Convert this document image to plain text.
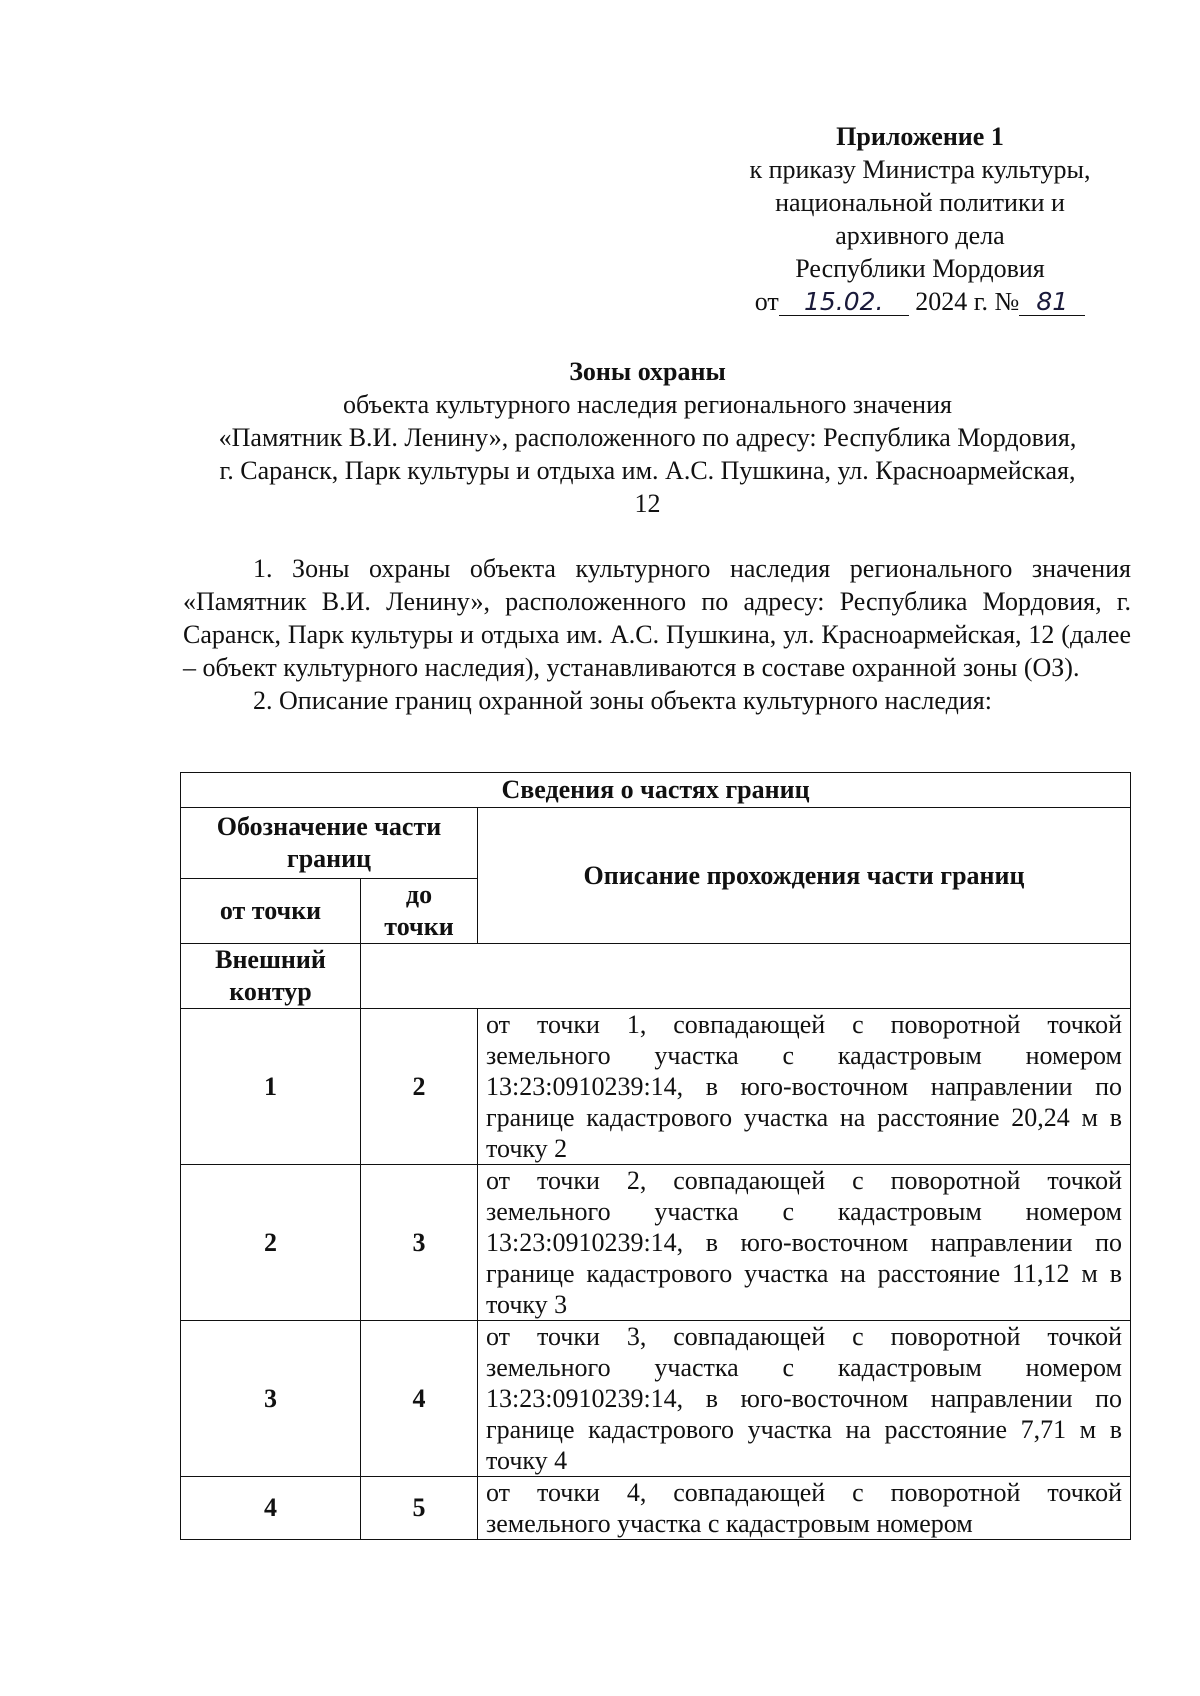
Приложение 1
к приказу Министра культуры,
национальной политики и
архивного дела
Республики Мордовия
от 15.02. 2024 г. № 81
Зоны охраны
объекта культурного наследия регионального значения
«Памятник В.И. Ленину», расположенного по адресу: Республика Мордовия,
г. Саранск, Парк культуры и отдыха им. А.С. Пушкина, ул. Красноармейская,
12

1. Зоны охраны объекта культурного наследия регионального значения «Памятник В.И. Ленину», расположенного по адресу: Республика Мордовия, г. Саранск, Парк культуры и отдыха им. А.С. Пушкина, ул. Красноармейская, 12 (далее – объект культурного наследия), устанавливаются в составе охранной зоны (ОЗ).

2. Описание границ охранной зоны объекта культурного наследия:

Сведения о частях границ		
Обозначение части границ		Описание прохождения части границ
от точки	до точки	
Внешний контур		
1	2	от точки 1, совпадающей с поворотной точкой земельного участка с кадастровым номером 13:23:0910239:14, в юго-восточном направлении по границе кадастрового участка на расстояние 20,24 м в точку 2
2	3	от точки 2, совпадающей с поворотной точкой земельного участка с кадастровым номером 13:23:0910239:14, в юго-восточном направлении по границе кадастрового участка на расстояние 11,12 м в точку 3
3	4	от точки 3, совпадающей с поворотной точкой земельного участка с кадастровым номером 13:23:0910239:14, в юго-восточном направлении по границе кадастрового участка на расстояние 7,71 м в точку 4
4	5	от точки 4, совпадающей с поворотной точкой земельного участка с кадастровым номером
